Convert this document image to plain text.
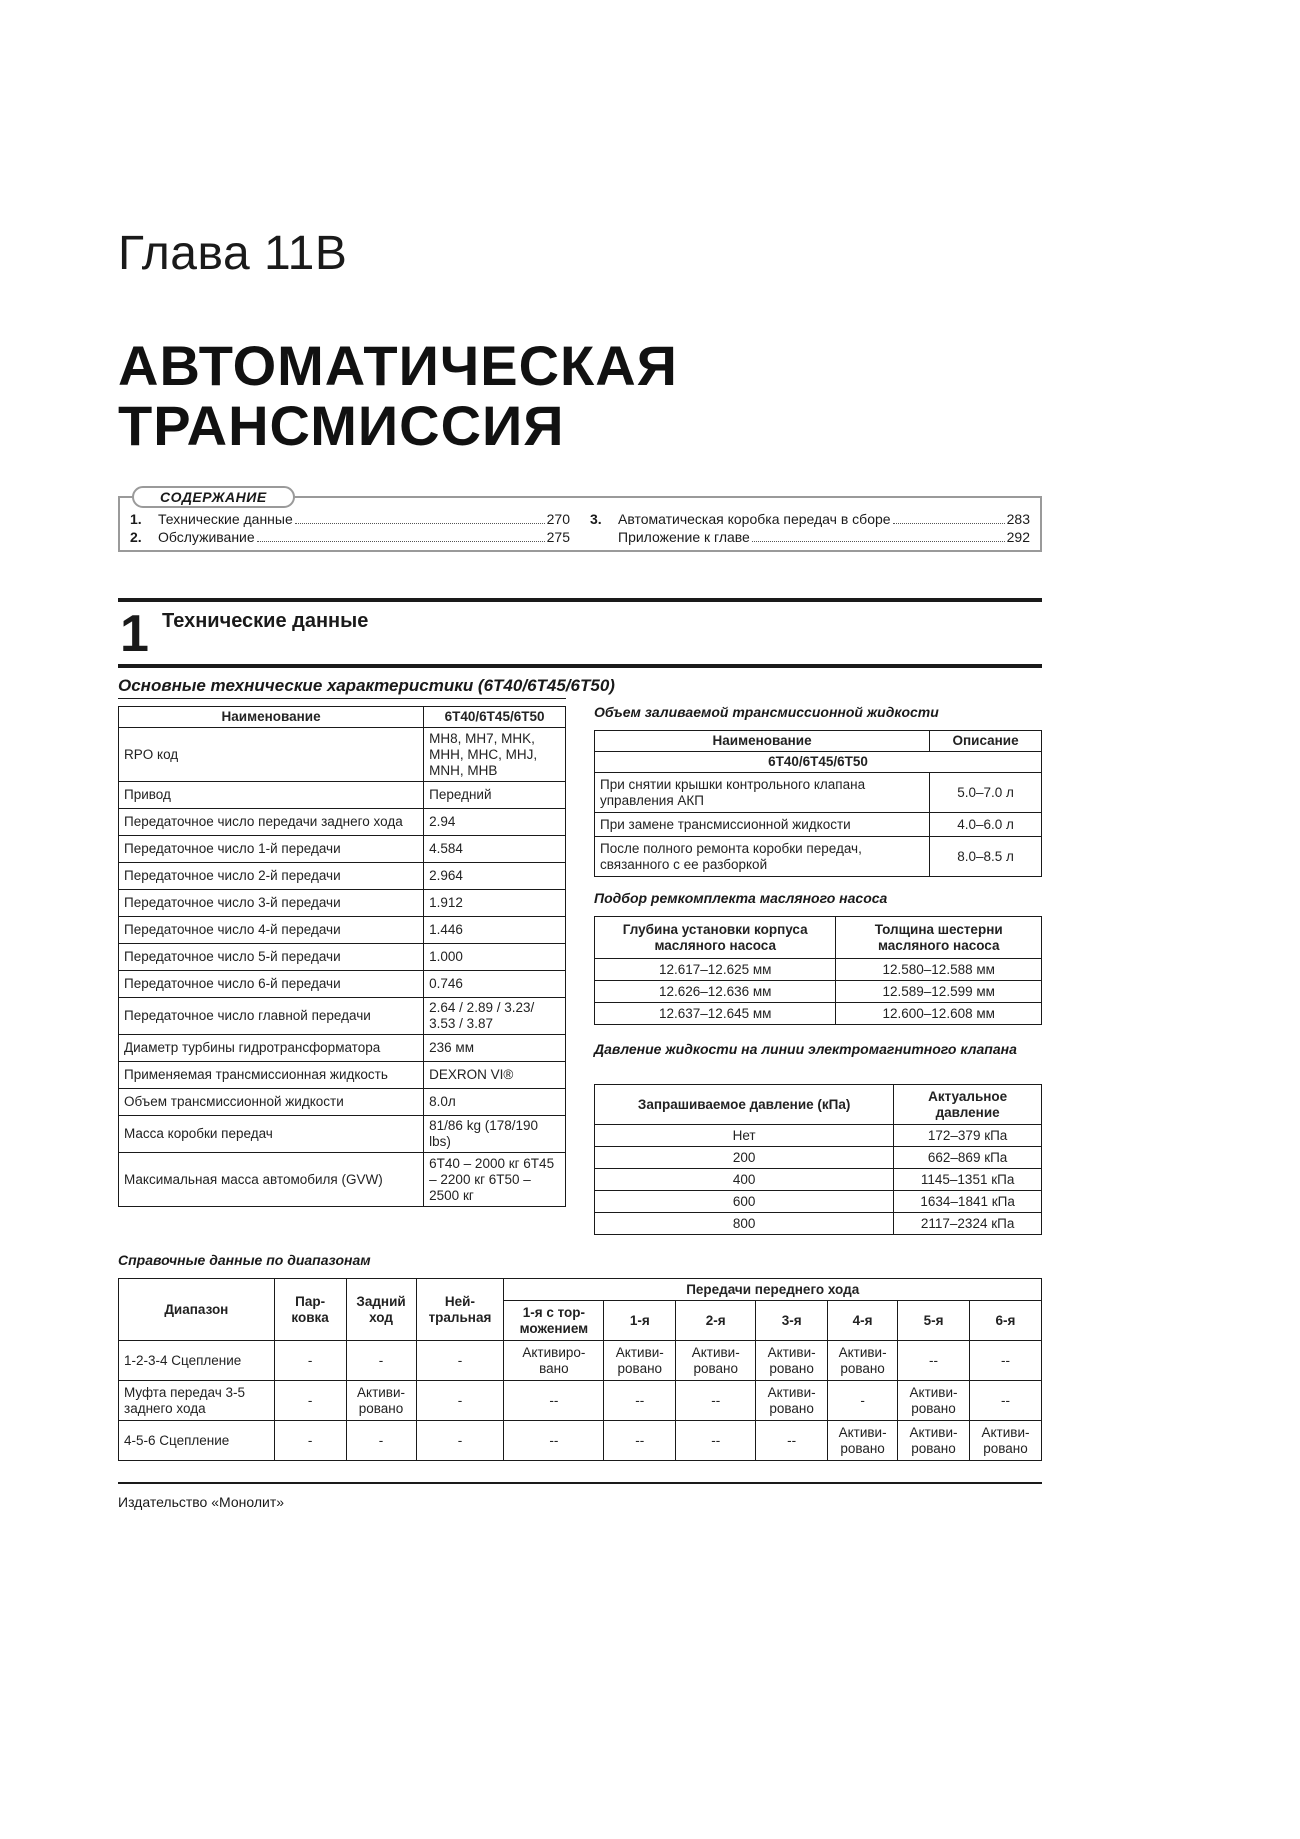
Глава 11В
АВТОМАТИЧЕСКАЯ
ТРАНСМИССИЯ
СОДЕРЖАНИЕ
1.	Технические данные	270
2.	Обслуживание	275
3.	Автоматическая коробка передач в сборе	283
Приложение к главе	292
1 Технические данные
Основные технические характеристики (6T40/6T45/6T50)
Наименование	6T40/6T45/6T50
RPO код	MH8, MH7, MHK, MHH, MHC, MHJ, MNH, MHB
Привод	Передний
Передаточное число передачи заднего хода	2.94
Передаточное число 1-й передачи	4.584
Передаточное число 2-й передачи	2.964
Передаточное число 3-й передачи	1.912
Передаточное число 4-й передачи	1.446
Передаточное число 5-й передачи	1.000
Передаточное число 6-й передачи	0.746
Передаточное число главной передачи	2.64 / 2.89 / 3.23/ 3.53 / 3.87
Диаметр турбины гидротрансформатора	236 мм
Применяемая трансмиссионная жидкость	DEXRON VI®
Объем трансмиссионной жидкости	8.0л
Масса коробки передач	81/86 kg (178/190 lbs)
Максимальная масса автомобиля (GVW)	6T40 – 2000 кг 6T45 – 2200 кг 6T50 – 2500 кг
Объем заливаемой трансмиссионной жидкости
Наименование	Описание
6T40/6T45/6T50	
При снятии крышки контрольного клапана управления АКП	5.0–7.0 л
При замене трансмиссионной жидкости	4.0–6.0 л
После полного ремонта коробки передач, связанного с ее разборкой	8.0–8.5 л
Подбор ремкомплекта масляного насоса
Глубина установки корпуса масляного насоса	Толщина шестерни масляного насоса
12.617–12.625 мм	12.580–12.588 мм
12.626–12.636 мм	12.589–12.599 мм
12.637–12.645 мм	12.600–12.608 мм
Давление жидкости на линии электромагнитного клапана
Запрашиваемое давление (кПа)	Актуальное давление
Нет	172–379 кПа
200	662–869 кПа
400	1145–1351 кПа
600	1634–1841 кПа
800	2117–2324 кПа
Справочные данные по диапазонам
Диапазон	Пар-ковка	Задний ход	Ней-тральная	Передачи переднего хода						
				1-я с тор-можением	1-я	2-я	3-я	4-я	5-я	6-я
1-2-3-4 Сцепление	-	-	-	Активиро-вано	Активи-ровано	Активи-ровано	Активи-ровано	Активи-ровано	--	--
Муфта передач 3-5 заднего хода	-	Активи-ровано	-	--	--	--	Активи-ровано	-	Активи-ровано	--
4-5-6 Сцепление	-	-	-	--	--	--	--	Активи-ровано	Активи-ровано	Активи-ровано
Издательство «Монолит»
